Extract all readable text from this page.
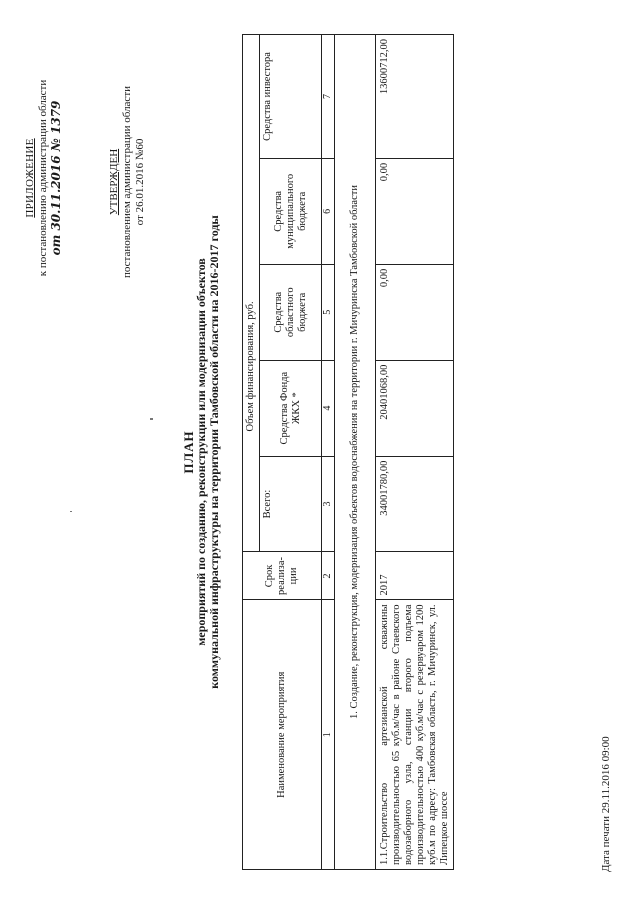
ПРИЛОЖЕНИЕ к постановлению администрации области от 30.11.2016 № 1379	УТВЕРЖДЕН постановлением администрации области от 26.01.2016 №60
ПЛАН
мероприятий по созданию, реконструкции или модернизации объектов коммунальной инфраструктуры на территории Тамбовской области на 2016-2017 годы
Наименование мероприятия	Срок реализа-ции	Объем финансирования, руб.				
		Всего:	Средства Фонда ЖКХ *	Средства областного бюджета	Средства муниципального бюджета	Средства инвестора
1	2	3	4	5	6	7
1. Создание, реконструкция, модернизация объектов водоснабжения на территории г. Мичуринска Тамбовской области						
1.1.Строительство артезианской скважины производительностью 65 куб.м/час в районе Стаевского водозаборного узла, станции второго подъема производительностью 400 куб.м/час с резервуаром 1200 куб.м по адресу: Тамбовская область, г. Мичуринск, ул. Липецкое шоссе	2017	34001780,00	20401068,00	0,00	0,00	13600712,00
Дата печати 29.11.2016 09:00
